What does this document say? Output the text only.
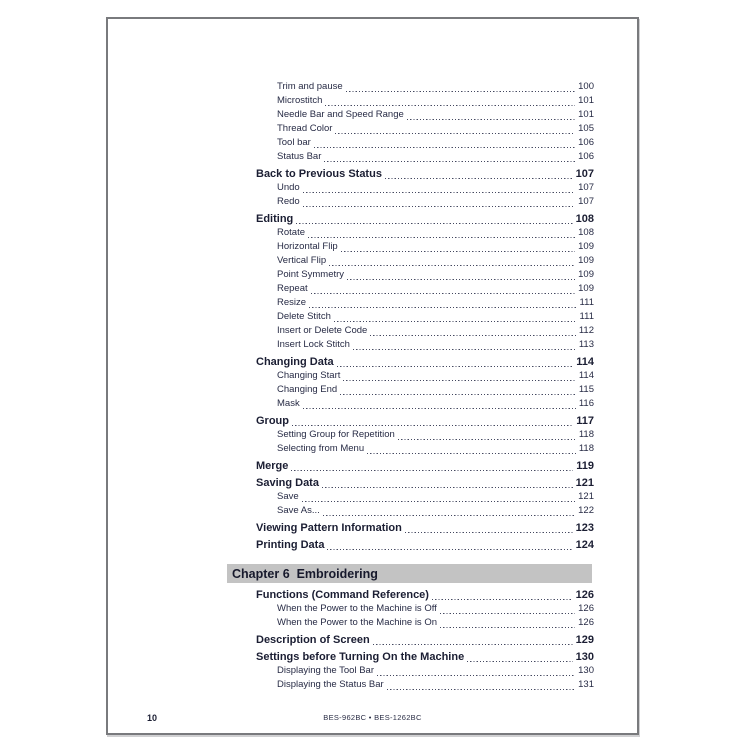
Trim and pause	100
Microstitch	101
Needle Bar and Speed Range	101
Thread Color	105
Tool bar	106
Status Bar	106
Back to Previous Status	107
Undo	107
Redo	107
Editing	108
Rotate	108
Horizontal Flip	109
Vertical Flip	109
Point Symmetry	109
Repeat	109
Resize	111
Delete Stitch	111
Insert or Delete Code	112
Insert Lock Stitch	113
Changing Data	114
Changing Start	114
Changing End	115
Mask	116
Group	117
Setting Group for Repetition	118
Selecting from Menu	118
Merge	119
Saving Data	121
Save	121
Save As...	122
Viewing Pattern Information	123
Printing Data	124
Chapter 6  Embroidering
Functions (Command Reference)	126
When the Power to the Machine is Off	126
When the Power to the Machine is On	126
Description of Screen	129
Settings before Turning On the Machine	130
Displaying the Tool Bar	130
Displaying the Status Bar	131
10	BES-962BC • BES-1262BC
